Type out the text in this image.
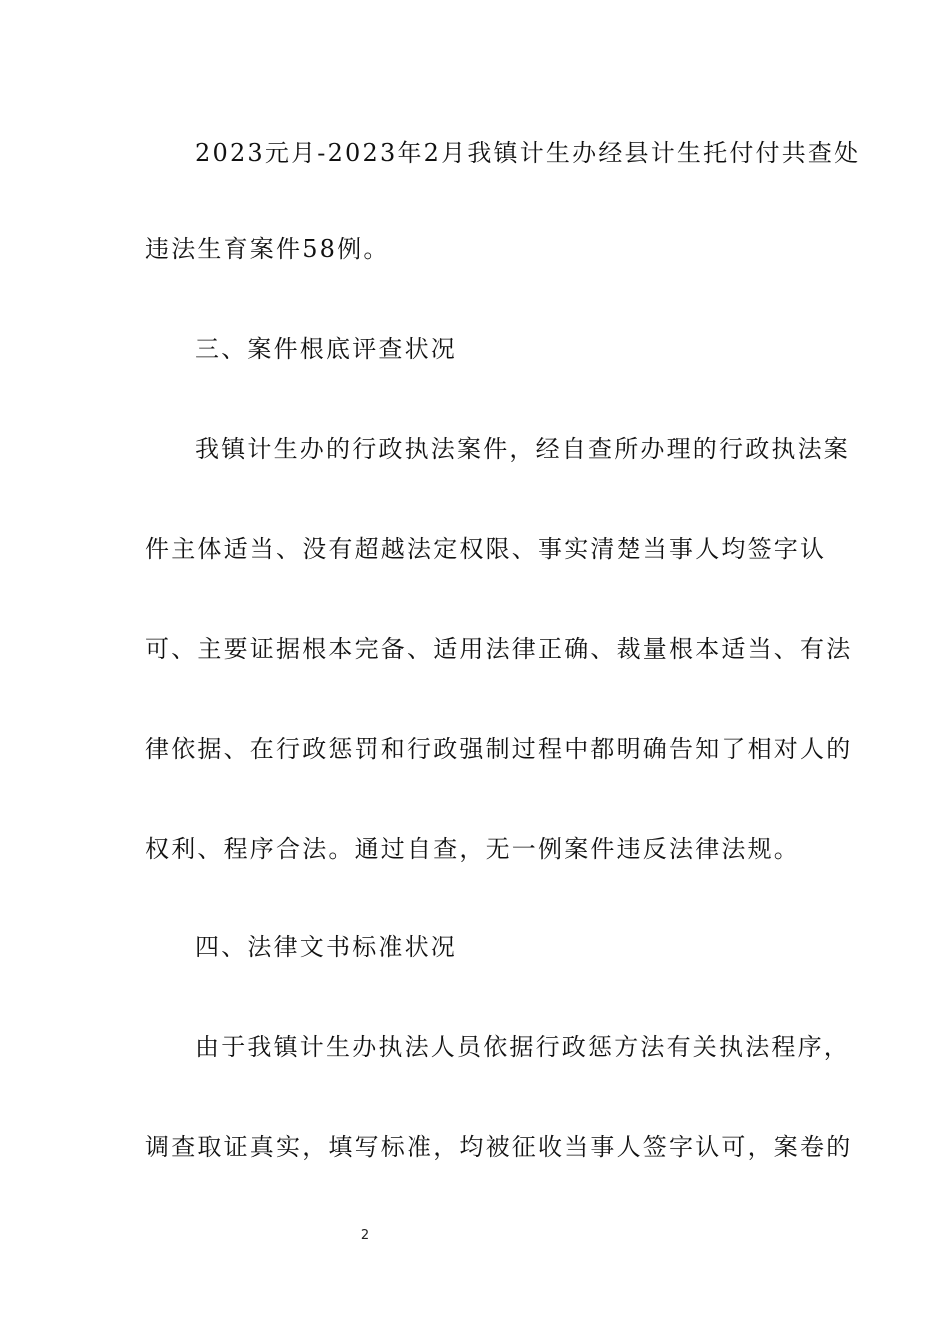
2023元月-2023年2月我镇计生办经县计生托付付共查处
违法生育案件58例。
三、案件根底评查状况
我镇计生办的行政执法案件，经自查所办理的行政执法案
件主体适当、没有超越法定权限、事实清楚当事人均签字认
可、主要证据根本完备、适用法律正确、裁量根本适当、有法
律依据、在行政惩罚和行政强制过程中都明确告知了相对人的
权利、程序合法。通过自查，无一例案件违反法律法规。
四、法律文书标准状况
由于我镇计生办执法人员依据行政惩方法有关执法程序，
调查取证真实，填写标准，均被征收当事人签字认可，案卷的
2
